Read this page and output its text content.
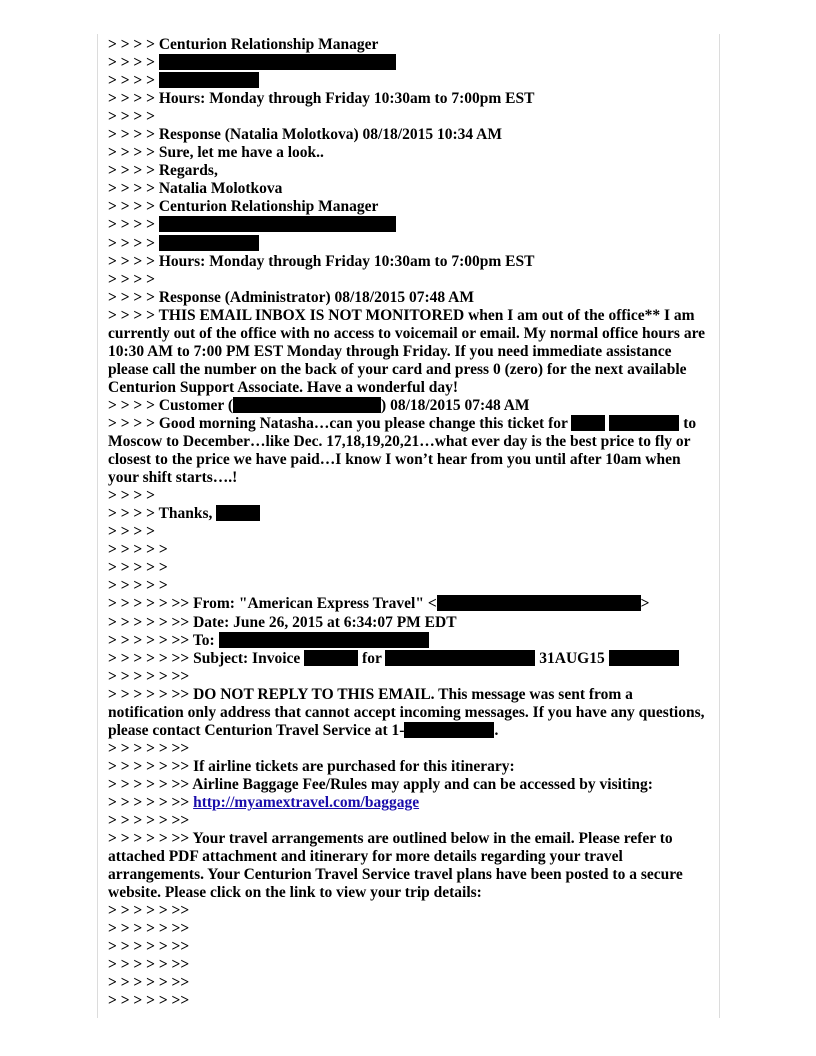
> > > > Centurion Relationship Manager
> > > >
> > > >
> > > > Hours: Monday through Friday 10:30am to 7:00pm EST
> > > >
> > > > Response (Natalia Molotkova) 08/18/2015 10:34 AM
> > > > Sure, let me have a look..
> > > > Regards,
> > > > Natalia Molotkova
> > > > Centurion Relationship Manager
> > > >
> > > >
> > > > Hours: Monday through Friday 10:30am to 7:00pm EST
> > > >
> > > > Response (Administrator) 08/18/2015 07:48 AM
> > > > THIS EMAIL INBOX IS NOT MONITORED when I am out of the office** I am currently out of the office with no access to voicemail or email. My normal office hours are 10:30 AM to 7:00 PM EST Monday through Friday. If you need immediate assistance please call the number on the back of your card and press 0 (zero) for the next available Centurion Support Associate. Have a wonderful day!
> > > > Customer (	) 08/18/2015 07:48 AM
> > > > Good morning Natasha…can you please change this ticket for	to Moscow to December…like Dec. 17,18,19,20,21…what ever day is the best price to fly or closest to the price we have paid…I know I won’t hear from you until after 10am when your shift starts….!
> > > >
> > > > Thanks,
> > > >
> > > > >
> > > > >
> > > > >
> > > > > >> From: "American Express Travel" <	>
> > > > > >> Date: June 26, 2015 at 6:34:07 PM EDT
> > > > > >> To:
> > > > > >> Subject: Invoice	for	31AUG15
> > > > > >>
> > > > > >> DO NOT REPLY TO THIS EMAIL. This message was sent from a notification only address that cannot accept incoming messages. If you have any questions, please contact Centurion Travel Service at 1-	.
> > > > > >>
> > > > > >> If airline tickets are purchased for this itinerary:
> > > > > >> Airline Baggage Fee/Rules may apply and can be accessed by visiting:
> > > > > >> http://myamextravel.com/baggage
> > > > > >>
> > > > > >> Your travel arrangements are outlined below in the email. Please refer to attached PDF attachment and itinerary for more details regarding your travel arrangements. Your Centurion Travel Service travel plans have been posted to a secure website. Please click on the link to view your trip details:
> > > > > >>
> > > > > >>
> > > > > >>
> > > > > >>
> > > > > >>
> > > > > >>
